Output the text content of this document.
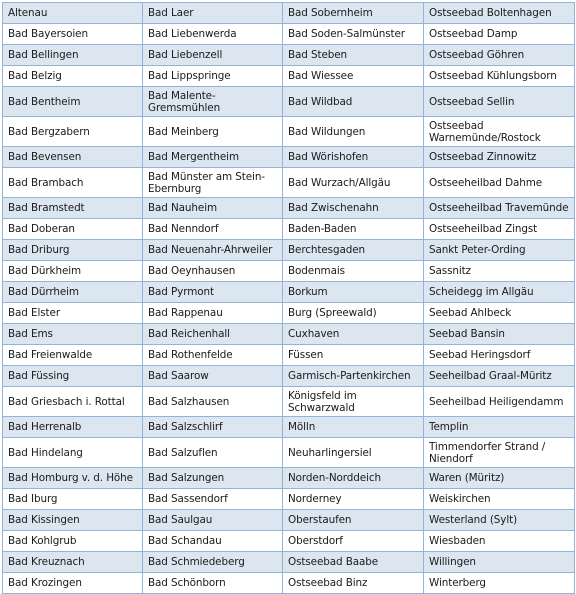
Altenau	Bad Laer	Bad Sobernheim	Ostseebad Boltenhagen
Bad Bayersoien	Bad Liebenwerda	Bad Soden-Salmünster	Ostseebad Damp
Bad Bellingen	Bad Liebenzell	Bad Steben	Ostseebad Göhren
Bad Belzig	Bad Lippspringe	Bad Wiessee	Ostseebad Kühlungsborn
Bad Bentheim	Bad Malente-Gremsmühlen	Bad Wildbad	Ostseebad Sellin
Bad Bergzabern	Bad Meinberg	Bad Wildungen	Ostseebad Warnemünde/Rostock
Bad Bevensen	Bad Mergentheim	Bad Wörishofen	Ostseebad Zinnowitz
Bad Brambach	Bad Münster am Stein-Ebernburg	Bad Wurzach/Allgäu	Ostseeheilbad Dahme
Bad Bramstedt	Bad Nauheim	Bad Zwischenahn	Ostseeheilbad Travemünde
Bad Doberan	Bad Nenndorf	Baden-Baden	Ostseeheilbad Zingst
Bad Driburg	Bad Neuenahr-Ahrweiler	Berchtesgaden	Sankt Peter-Ording
Bad Dürkheim	Bad Oeynhausen	Bodenmais	Sassnitz
Bad Dürrheim	Bad Pyrmont	Borkum	Scheidegg im Allgäu
Bad Elster	Bad Rappenau	Burg (Spreewald)	Seebad Ahlbeck
Bad Ems	Bad Reichenhall	Cuxhaven	Seebad Bansin
Bad Freienwalde	Bad Rothenfelde	Füssen	Seebad Heringsdorf
Bad Füssing	Bad Saarow	Garmisch-Partenkirchen	Seeheilbad Graal-Müritz
Bad Griesbach i. Rottal	Bad Salzhausen	Königsfeld im Schwarzwald	Seeheilbad Heiligendamm
Bad Herrenalb	Bad Salzschlirf	Mölln	Templin
Bad Hindelang	Bad Salzuflen	Neuharlingersiel	Timmendorfer Strand / Niendorf
Bad Homburg v. d. Höhe	Bad Salzungen	Norden-Norddeich	Waren (Müritz)
Bad Iburg	Bad Sassendorf	Norderney	Weiskirchen
Bad Kissingen	Bad Saulgau	Oberstaufen	Westerland (Sylt)
Bad Kohlgrub	Bad Schandau	Oberstdorf	Wiesbaden
Bad Kreuznach	Bad Schmiedeberg	Ostseebad Baabe	Willingen
Bad Krozingen	Bad Schönborn	Ostseebad Binz	Winterberg
